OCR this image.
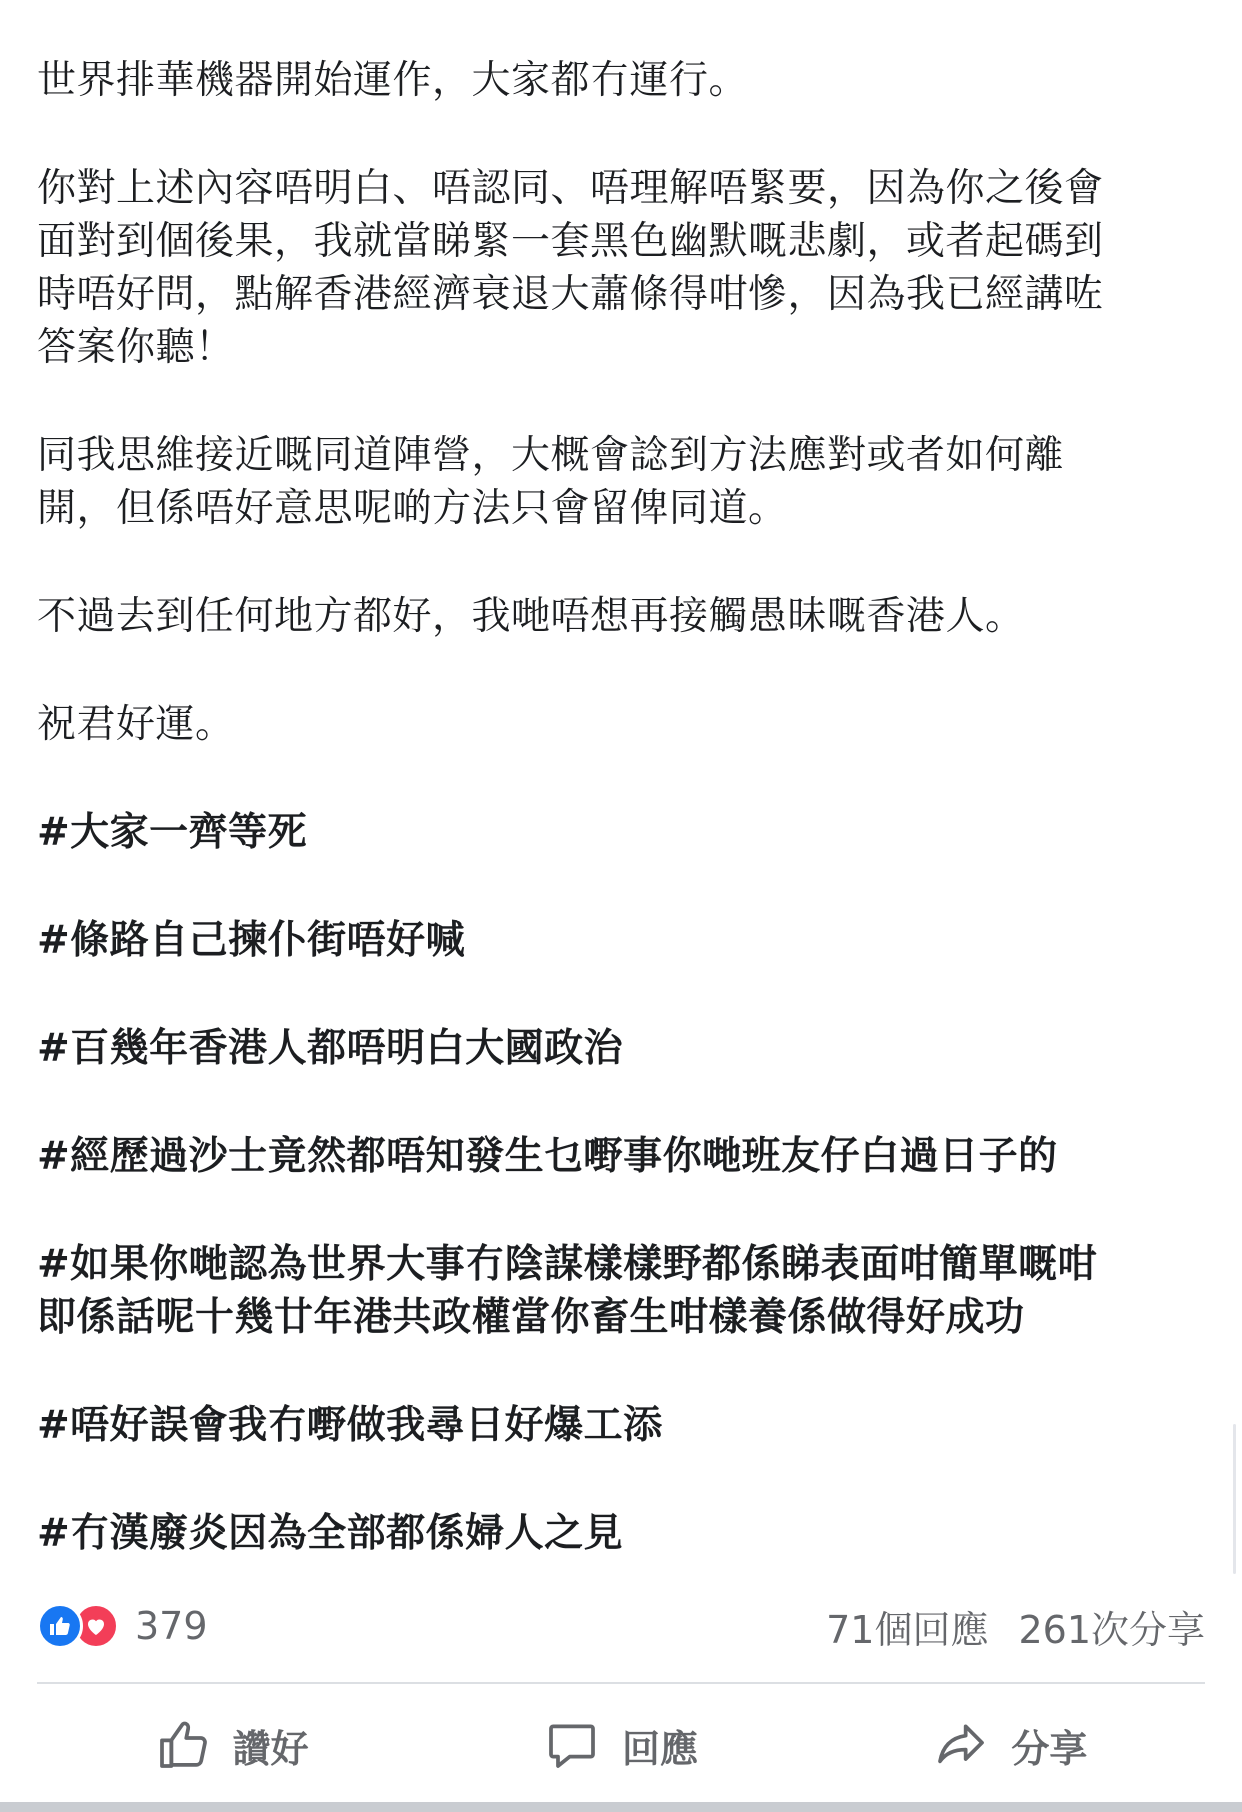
世界排華機器開始運作，大家都冇運行。

你對上述內容唔明白、唔認同、唔理解唔緊要，因為你之後會
面對到個後果，我就當睇緊一套黑色幽默嘅悲劇，或者起碼到
時唔好問，點解香港經濟衰退大蕭條得咁慘，因為我已經講咗
答案你聽！

同我思維接近嘅同道陣營，大概會諗到方法應對或者如何離
開，但係唔好意思呢啲方法只會留俾同道。

不過去到任何地方都好，我哋唔想再接觸愚昧嘅香港人。

祝君好運。

#大家一齊等死

#條路自己揀仆街唔好喊

#百幾年香港人都唔明白大國政治

#經歷過沙士竟然都唔知發生乜嘢事你哋班友仔白過日子的

#如果你哋認為世界大事冇陰謀樣樣野都係睇表面咁簡單嘅咁
即係話呢十幾廿年港共政權當你畜生咁樣養係做得好成功

#唔好誤會我冇嘢做我尋日好爆工添

#冇漢廢炎因為全部都係婦人之見

379	71個回應 261次分享
讚好	回應	分享
